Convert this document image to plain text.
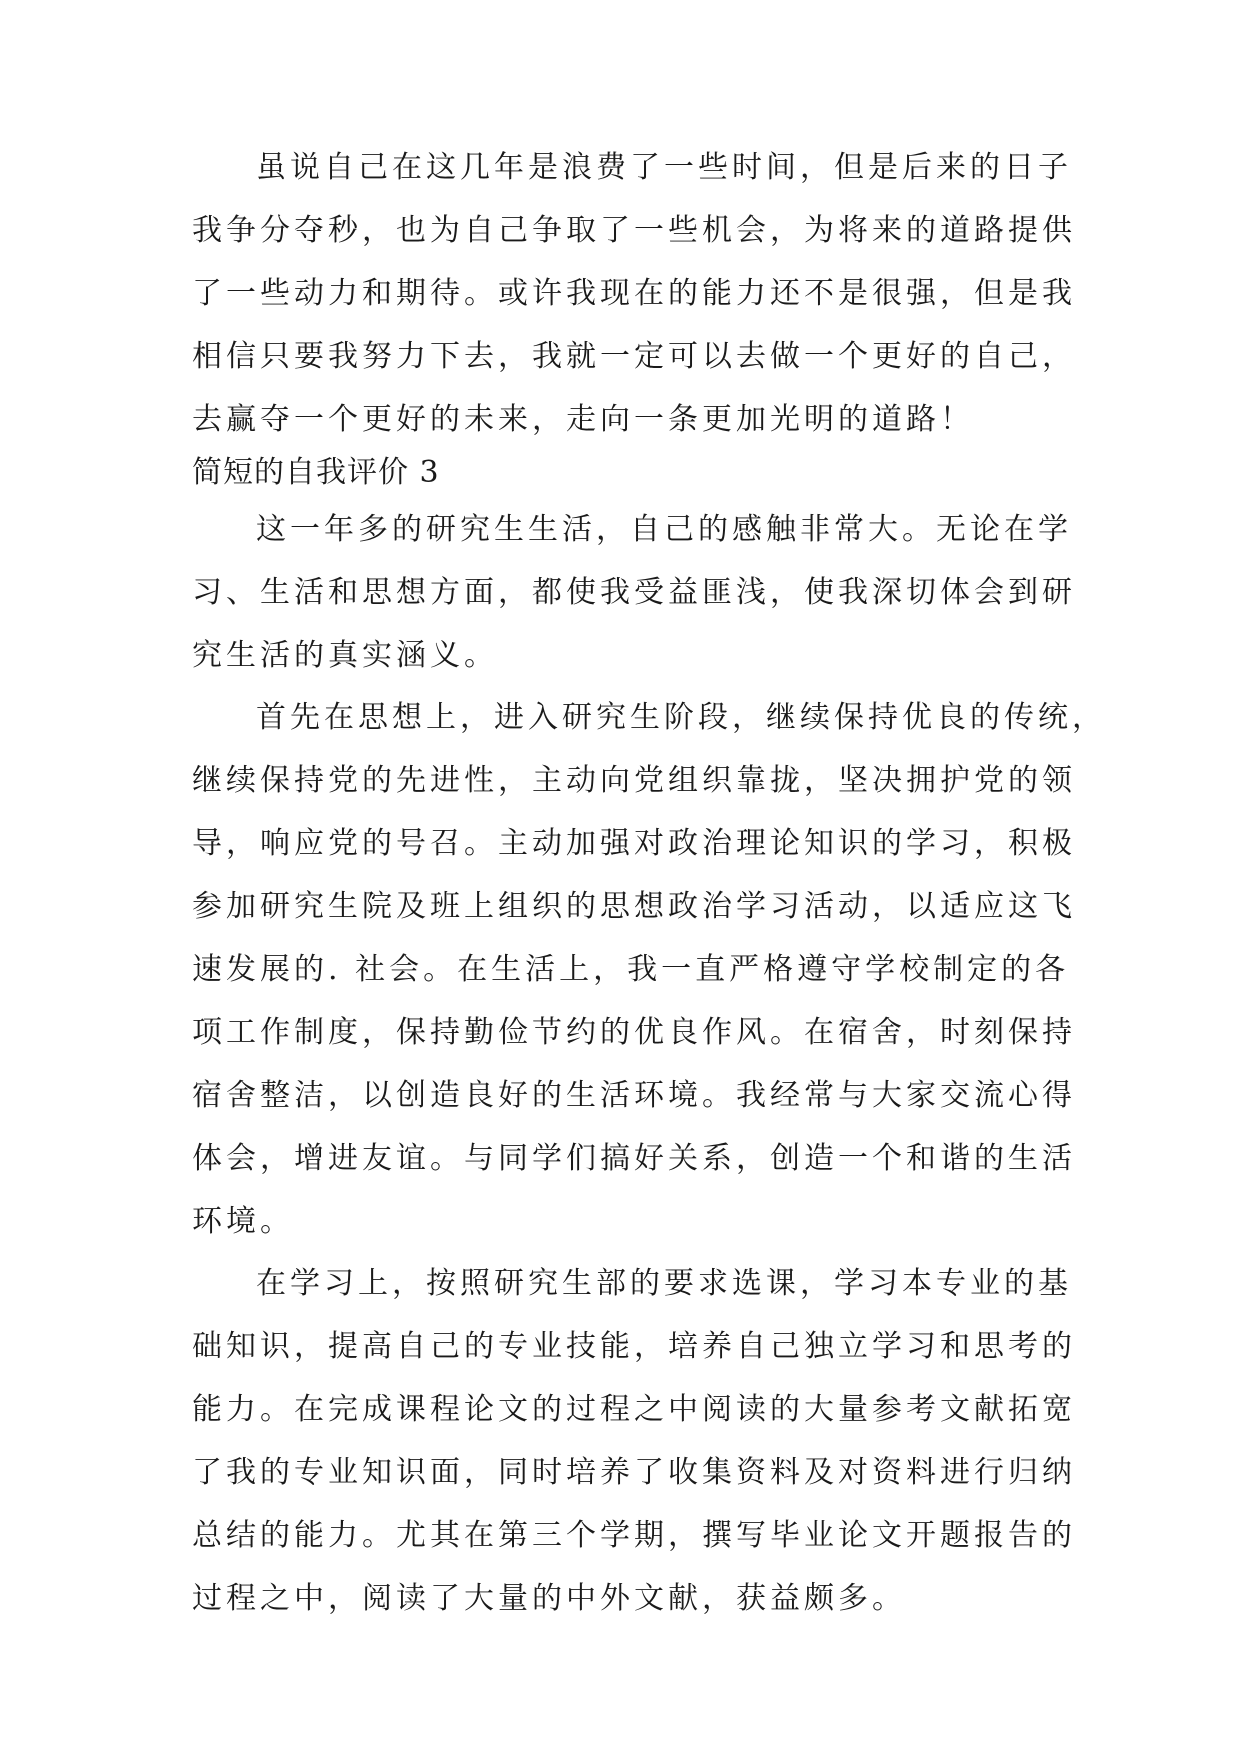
虽说自己在这几年是浪费了一些时间，但是后来的日子
我争分夺秒，也为自己争取了一些机会，为将来的道路提供
了一些动力和期待。或许我现在的能力还不是很强，但是我
相信只要我努力下去，我就一定可以去做一个更好的自己，
去赢夺一个更好的未来，走向一条更加光明的道路！
简短的自我评价 3
这一年多的研究生生活，自己的感触非常大。无论在学
习、生活和思想方面，都使我受益匪浅，使我深切体会到研
究生活的真实涵义。
首先在思想上，进入研究生阶段，继续保持优良的传统，
继续保持党的先进性，主动向党组织靠拢，坚决拥护党的领
导，响应党的号召。主动加强对政治理论知识的学习，积极
参加研究生院及班上组织的思想政治学习活动，以适应这飞
速发展的. 社会。在生活上，我一直严格遵守学校制定的各
项工作制度，保持勤俭节约的优良作风。在宿舍，时刻保持
宿舍整洁，以创造良好的生活环境。我经常与大家交流心得
体会，增进友谊。与同学们搞好关系，创造一个和谐的生活
环境。
在学习上，按照研究生部的要求选课，学习本专业的基
础知识，提高自己的专业技能，培养自己独立学习和思考的
能力。在完成课程论文的过程之中阅读的大量参考文献拓宽
了我的专业知识面，同时培养了收集资料及对资料进行归纳
总结的能力。尤其在第三个学期，撰写毕业论文开题报告的
过程之中，阅读了大量的中外文献，获益颇多。
